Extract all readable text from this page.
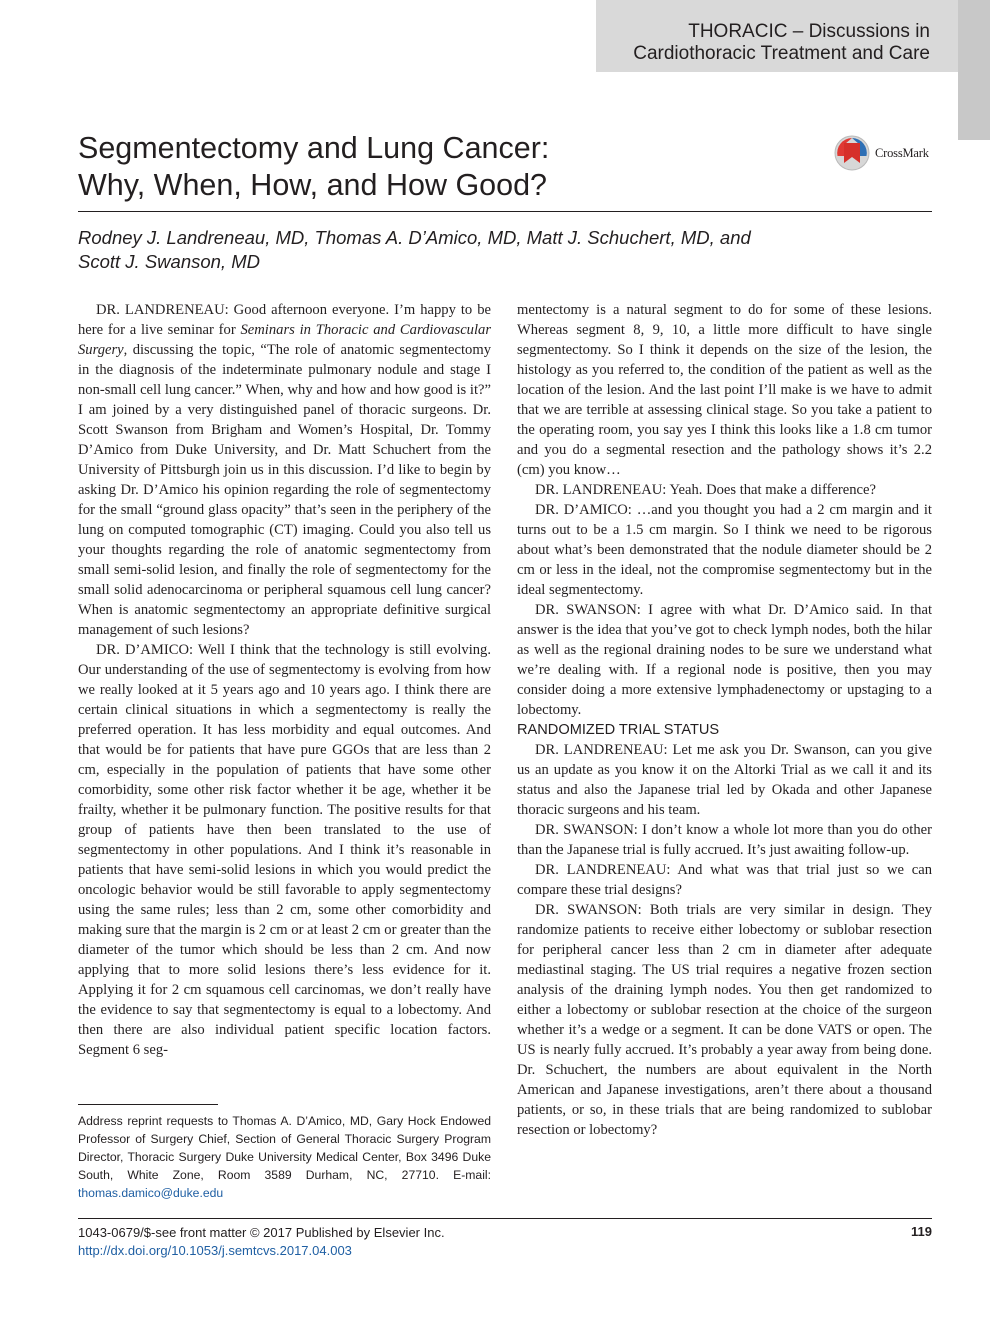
THORACIC – Discussions in
Cardiothoracic Treatment and Care
Segmentectomy and Lung Cancer:
Why, When, How, and How Good?
CrossMark
Rodney J. Landreneau, MD, Thomas A. D’Amico, MD, Matt J. Schuchert, MD, and
Scott J. Swanson, MD

DR. LANDRENEAU: Good afternoon everyone. I’m happy to be here for a live seminar for Seminars in Thoracic and Cardiovascular Surgery, discussing the topic, “The role of anatomic segmentectomy in the diagnosis of the indeterminate pulmonary nodule and stage I non-small cell lung cancer.” When, why and how and how good is it?” I am joined by a very distinguished panel of thoracic surgeons. Dr. Scott Swanson from Brigham and Women’s Hospital, Dr. Tommy D’Amico from Duke University, and Dr. Matt Schuchert from the University of Pittsburgh join us in this discussion. I’d like to begin by asking Dr. D’Amico his opinion regarding the role of segmentectomy for the small “ground glass opacity” that’s seen in the periphery of the lung on computed tomographic (CT) imaging. Could you also tell us your thoughts regarding the role of anatomic segmentectomy from small semi-solid lesion, and finally the role of segmentectomy for the small solid adenocarcinoma or peripheral squamous cell lung cancer? When is anatomic segmentectomy an appropriate definitive surgical management of such lesions?

DR. D’AMICO: Well I think that the technology is still evolving. Our understanding of the use of segmentectomy is evolving from how we really looked at it 5 years ago and 10 years ago. I think there are certain clinical situations in which a segmentectomy is really the preferred operation. It has less morbidity and equal outcomes. And that would be for patients that have pure GGOs that are less than 2 cm, especially in the population of patients that have some other comorbidity, some other risk factor whether it be age, whether it be frailty, whether it be pulmonary function. The positive results for that group of patients have then been translated to the use of segmentectomy in other populations. And I think it’s reasonable in patients that have semi-solid lesions in which you would predict the oncologic behavior would be still favorable to apply segmentectomy using the same rules; less than 2 cm, some other comorbidity and making sure that the margin is 2 cm or at least 2 cm or greater than the diameter of the tumor which should be less than 2 cm. And now applying that to more solid lesions there’s less evidence for it. Applying it for 2 cm squamous cell carcinomas, we don’t really have the evidence to say that segmentectomy is equal to a lobectomy. And then there are also individual patient specific location factors. Segment 6 seg-

mentectomy is a natural segment to do for some of these lesions. Whereas segment 8, 9, 10, a little more difficult to have single segmentectomy. So I think it depends on the size of the lesion, the histology as you referred to, the condition of the patient as well as the location of the lesion. And the last point I’ll make is we have to admit that we are terrible at assessing clinical stage. So you take a patient to the operating room, you say yes I think this looks like a 1.8 cm tumor and you do a segmental resection and the pathology shows it’s 2.2 (cm) you know…

DR. LANDRENEAU: Yeah. Does that make a difference?

DR. D’AMICO: …and you thought you had a 2 cm margin and it turns out to be a 1.5 cm margin. So I think we need to be rigorous about what’s been demonstrated that the nodule diameter should be 2 cm or less in the ideal, not the compromise segmentectomy but in the ideal segmentectomy.

DR. SWANSON: I agree with what Dr. D’Amico said. In that answer is the idea that you’ve got to check lymph nodes, both the hilar as well as the regional draining nodes to be sure we understand what we’re dealing with. If a regional node is positive, then you may consider doing a more extensive lymphadenectomy or upstaging to a lobectomy.

RANDOMIZED TRIAL STATUS

DR. LANDRENEAU: Let me ask you Dr. Swanson, can you give us an update as you know it on the Altorki Trial as we call it and its status and also the Japanese trial led by Okada and other Japanese thoracic surgeons and his team.

DR. SWANSON: I don’t know a whole lot more than you do other than the Japanese trial is fully accrued. It’s just awaiting follow-up.

DR. LANDRENEAU: And what was that trial just so we can compare these trial designs?

DR. SWANSON: Both trials are very similar in design. They randomize patients to receive either lobectomy or sublobar resection for peripheral cancer less than 2 cm in diameter after adequate mediastinal staging. The US trial requires a negative frozen section analysis of the draining lymph nodes. You then get randomized to either a lobectomy or sublobar resection at the choice of the surgeon whether it’s a wedge or a segment. It can be done VATS or open. The US is nearly fully accrued. It’s probably a year away from being done. Dr. Schuchert, the numbers are about equivalent in the North American and Japanese investigations, aren’t there about a thousand patients, or so, in these trials that are being randomized to sublobar resection or lobectomy?

Address reprint requests to Thomas A. D’Amico, MD, Gary Hock Endowed Professor of Surgery Chief, Section of General Thoracic Surgery Program Director, Thoracic Surgery Duke University Medical Center, Box 3496 Duke South, White Zone, Room 3589 Durham, NC, 27710. E-mail: thomas.damico@duke.edu
1043-0679/$-see front matter © 2017 Published by Elsevier Inc.
http://dx.doi.org/10.1053/j.semtcvs.2017.04.003
119
